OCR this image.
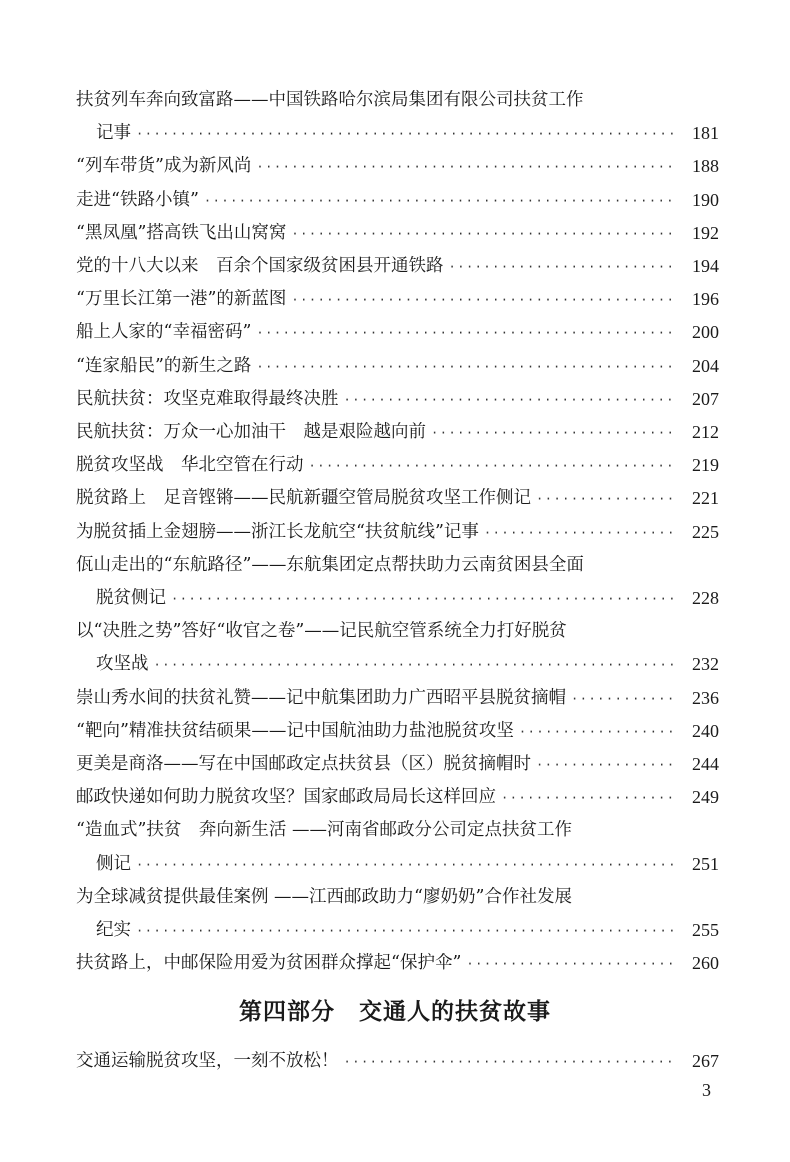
扶贫列车奔向致富路——中国铁路哈尔滨局集团有限公司扶贫工作
记事 ·····	181
“列车带货”成为新风尚 ·····	188
走进“铁路小镇” ·····	190
“黑凤凰”搭高铁飞出山窝窝 ·····	192
党的十八大以来　百余个国家级贫困县开通铁路 ·····	194
“万里长江第一港”的新蓝图 ·····	196
船上人家的“幸福密码” ·····	200
“连家船民”的新生之路 ·····	204
民航扶贫：攻坚克难取得最终决胜 ·····	207
民航扶贫：万众一心加油干　越是艰险越向前 ·····	212
脱贫攻坚战　华北空管在行动 ·····	219
脱贫路上　足音铿锵——民航新疆空管局脱贫攻坚工作侧记 ·····	221
为脱贫插上金翅膀——浙江长龙航空“扶贫航线”记事 ·····	225
佤山走出的“东航路径”——东航集团定点帮扶助力云南贫困县全面
脱贫侧记 ·····	228
以“决胜之势”答好“收官之卷”——记民航空管系统全力打好脱贫
攻坚战 ·····	232
崇山秀水间的扶贫礼赞——记中航集团助力广西昭平县脱贫摘帽 ·····	236
“靶向”精准扶贫结硕果——记中国航油助力盐池脱贫攻坚 ·····	240
更美是商洛——写在中国邮政定点扶贫县（区）脱贫摘帽时 ·····	244
邮政快递如何助力脱贫攻坚？国家邮政局局长这样回应 ·····	249
“造血式”扶贫　奔向新生活 ——河南省邮政分公司定点扶贫工作
侧记 ·····	251
为全球减贫提供最佳案例 ——江西邮政助力“廖奶奶”合作社发展
纪实 ·····	255
扶贫路上，中邮保险用爱为贫困群众撑起“保护伞” ·····	260
交通运输脱贫攻坚，一刻不放松！ ·····	267
第四部分　交通人的扶贫故事
3
